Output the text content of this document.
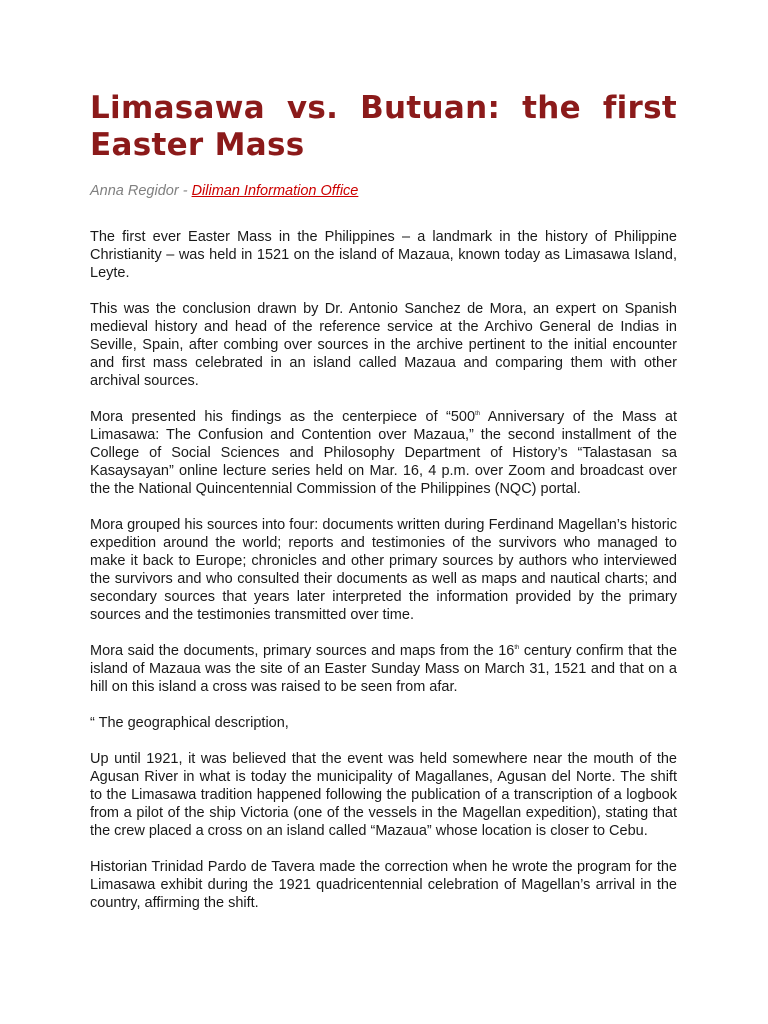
Limasawa vs. Butuan: the first Easter Mass
Anna Regidor - Diliman Information Office

The first ever Easter Mass in the Philippines – a landmark in the history of Philippine Christianity – was held in 1521 on the island of Mazaua, known today as Limasawa Island, Leyte.

This was the conclusion drawn by Dr. Antonio Sanchez de Mora, an expert on Spanish medieval history and head of the reference service at the Archivo General de Indias in Seville, Spain, after combing over sources in the archive pertinent to the initial encounter and first mass celebrated in an island called Mazaua and comparing them with other archival sources.

Mora presented his findings as the centerpiece of “500th Anniversary of the Mass at Limasawa: The Confusion and Contention over Mazaua,” the second installment of the College of Social Sciences and Philosophy Department of History’s “Talastasan sa Kasaysayan” online lecture series held on Mar. 16, 4 p.m. over Zoom and broadcast over the the National Quincentennial Commission of the Philippines (NQC) portal.

Mora grouped his sources into four: documents written during Ferdinand Magellan’s historic expedition around the world; reports and testimonies of the survivors who managed to make it back to Europe; chronicles and other primary sources by authors who interviewed the survivors and who consulted their documents as well as maps and nautical charts; and secondary sources that years later interpreted the information provided by the primary sources and the testimonies transmitted over time.

Mora said the documents, primary sources and maps from the 16th century confirm that the island of Mazaua was the site of an Easter Sunday Mass on March 31, 1521 and that on a hill on this island a cross was raised to be seen from afar.

“ The geographical description,

Up until 1921, it was believed that the event was held somewhere near the mouth of the Agusan River in what is today the municipality of Magallanes, Agusan del Norte. The shift to the Limasawa tradition happened following the publication of a transcription of a logbook from a pilot of the ship Victoria (one of the vessels in the Magellan expedition), stating that the crew placed a cross on an island called “Mazaua” whose location is closer to Cebu.

Historian Trinidad Pardo de Tavera made the correction when he wrote the program for the Limasawa exhibit during the 1921 quadricentennial celebration of Magellan’s arrival in the country, affirming the shift.
